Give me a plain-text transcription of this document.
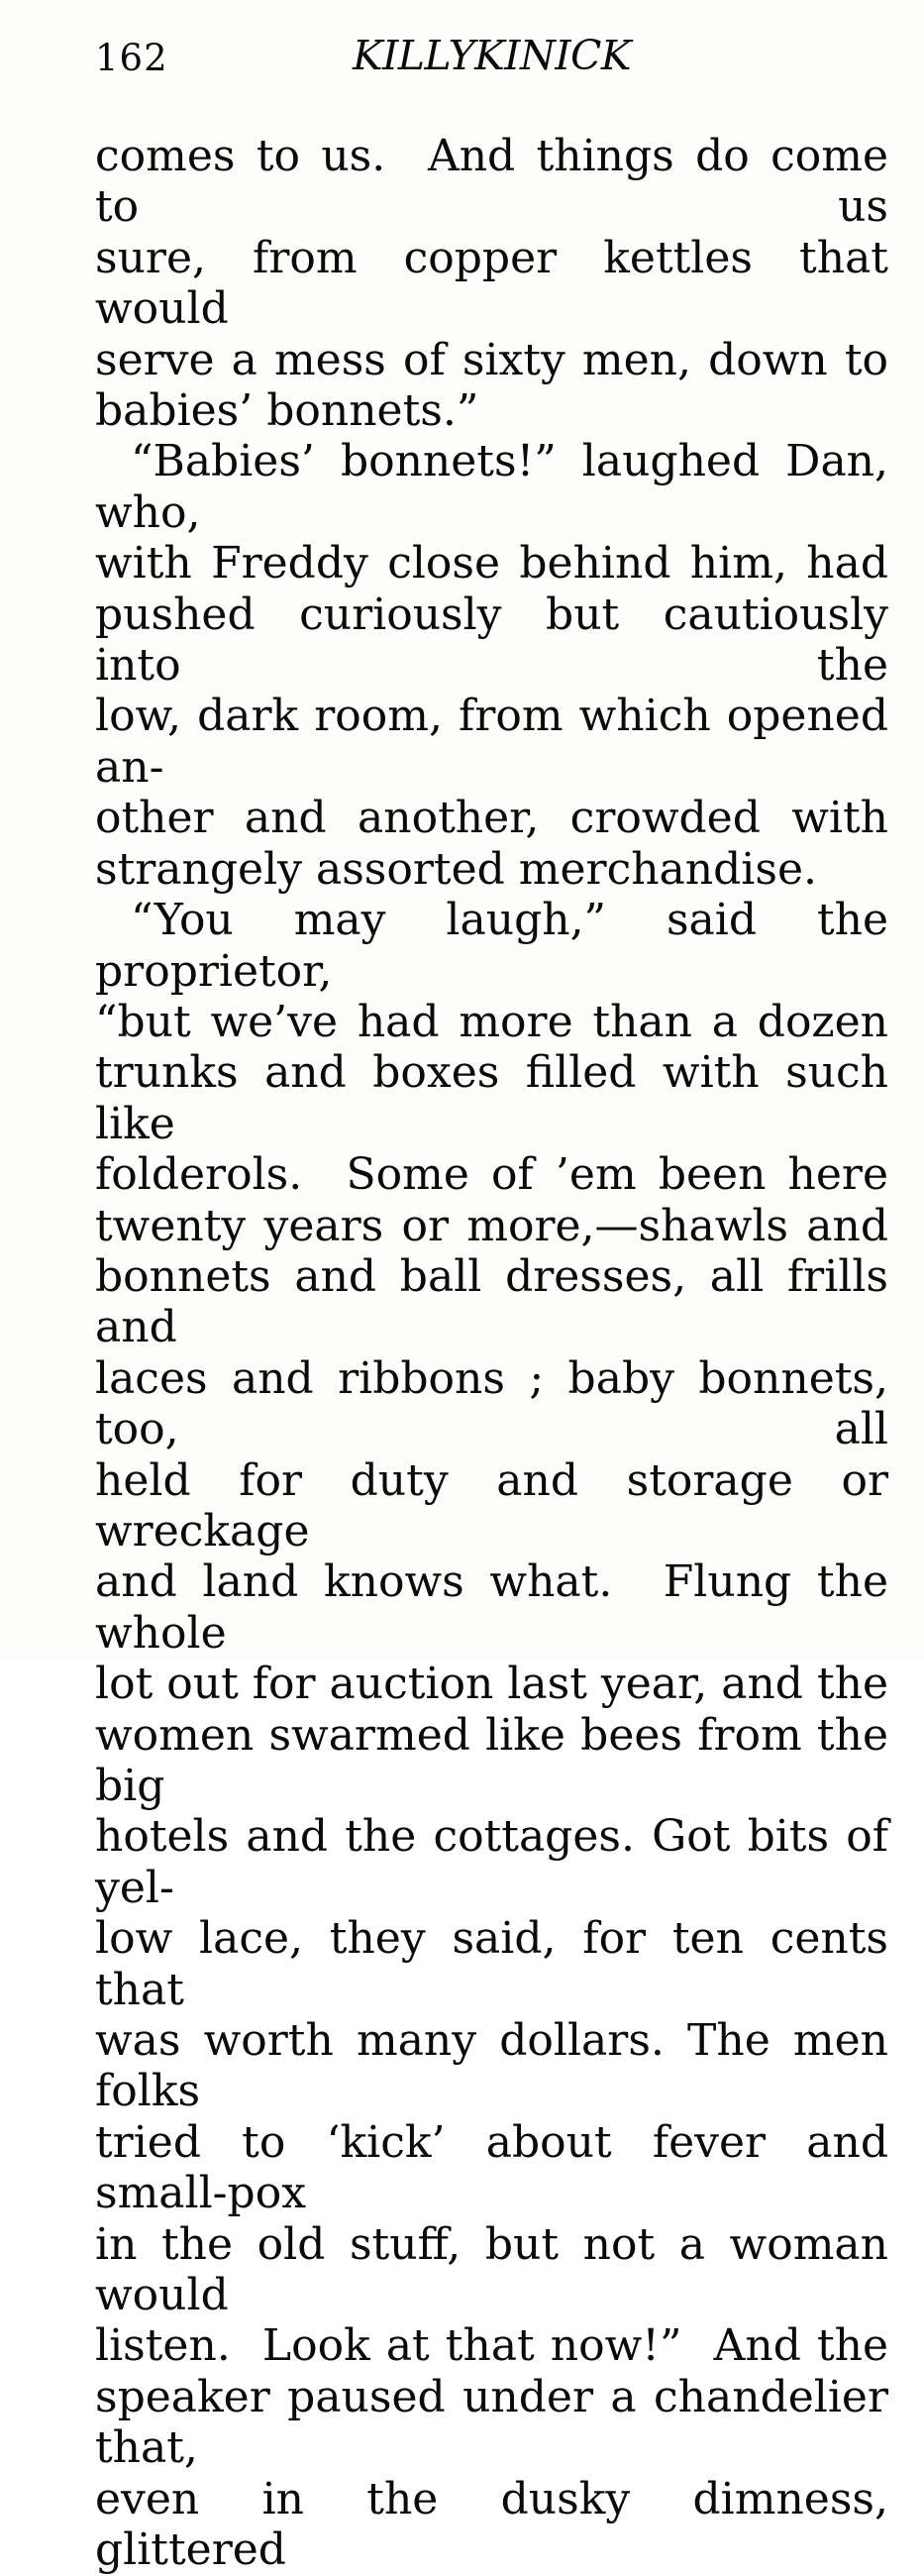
162	KILLYKINICK
comes to us.  And things do come to us
sure, from copper kettles that would
serve a mess of sixty men, down to
babies’ bonnets.”
“Babies’ bonnets!” laughed Dan, who,
with Freddy close behind him, had
pushed curiously but cautiously into the
low, dark room, from which opened an-
other and another, crowded with
strangely assorted merchandise.
“You may laugh,” said the proprietor,
“but we’ve had more than a dozen
trunks and boxes filled with such like
folderols.  Some of ’em been here
twenty years or more,—shawls and
bonnets and ball dresses, all frills and
laces and ribbons ; baby bonnets, too, all
held for duty and storage or wreckage
and land knows what.  Flung the whole
lot out for auction last year, and the
women swarmed like bees from the big
hotels and the cottages. Got bits of yel-
low lace, they said, for ten cents that
was worth many dollars. The men folks
tried to ‘kick’ about fever and small-pox
in the old stuff, but not a woman would
listen.  Look at that now!”  And the
speaker paused under a chandelier that,
even in the dusky dimness, glittered
